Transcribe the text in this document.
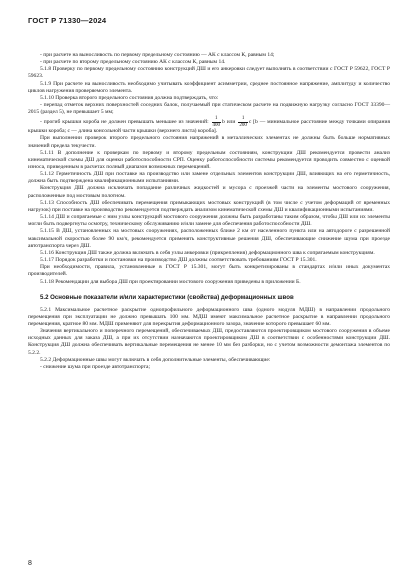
ГОСТ Р 71330—2024

- при расчете на выносливость по первому предельному состоянию — АК с классом К, равным 14;

- при расчете по второму предельному состоянию АК с классом К, равным 14.

5.1.8 Проверку по первому предельному состоянию конструкций ДШ и его анкеровки следует выполнять в соответствии с ГОСТ Р 59622, ГОСТ Р 59623.

5.1.9 При расчете на выносливость необходимо учитывать коэффициент асимметрии, среднее постоянное напряжение, амплитуду и количество циклов нагружения проверяемого элемента.

5.1.10 Проверка второго предельного состояния должна подтверждать, что:

- перепад отметок верхних поверхностей соседних балок, получаемый при статическом расчете на подвижную нагрузку согласно ГОСТ 33390—2015 (раздел 5), не превышает 5 мм;

- прогиб крышки короба не должен превышать меньшее из значений: $\frac{1}{400}$ b или $\frac{1}{200}$ c [b — минимальное расстояние между точками опирания крышки короба; c — длина консольной части крышки (верхнего листа) короба].

При выполнении проверок второго предельного состояния напряжений в металлических элементах не должны быть больше нормативных значений предела текучести.

5.1.11 В дополнение к проверкам по первому и второму предельным состояниям, конструкции ДШ рекомендуется провести анализ кинематической схемы ДШ для оценки работоспособности СРП. Оценку работоспособности системы рекомендуется проводить совместно с оценкой износа, приведенным в расчетах полный диапазон возможных перемещений.

5.1.12 Герметичность ДШ при поставке на производство или замене отдельных элементов конструкции ДШ, влияющих на его герметичность, должна быть подтверждена квалификационными испытаниями.

Конструкция ДШ должна исключать попадание различных жидкостей и мусора с проезжей части на элементы мостового сооружения, расположенные под мостовым полотном.

5.1.13 Способность ДШ обеспечивать перемещения примыкающих мостовых конструкций (в том числе с учетом деформаций от временных нагрузок) при поставке на производство рекомендуется подтверждать анализом кинематической схемы ДШ и квалификационными испытаниями.

5.1.14 ДШ и сопрягаемые с ним узлы конструкций мостового сооружения должны быть разработаны таким образом, чтобы ДШ или их элементы могли быть подвергнуты осмотру, техническому обслуживанию и/или замене для обеспечения работоспособности ДШ.

5.1.15 В ДШ, установленных на мостовых сооружениях, расположенных ближе 2 км от населенного пункта или на автодороге с разрешенной максимальной скоростью более 90 км/ч, рекомендуется применять конструктивные решения ДШ, обеспечивающие снижение шума при проезде автотранспорта через ДШ.

5.1.16 Конструкция ДШ также должна включать в себя узлы анкеровки (прикрепления) деформационного шва к сопрягаемым конструкциям.

5.1.17 Порядок разработки и постановки на производство ДШ должны соответствовать требованиям ГОСТ Р 15.301.

При необходимости, правила, установленные в ГОСТ Р 15.301, могут быть конкретизированы в стандартах и/или иных документах производителей.

5.1.18 Рекомендации для выбора ДШ при проектировании мостового сооружения приведены в приложении Б.

5.2 Основные показатели и/или характеристики (свойства) деформационных швов

5.2.1 Максимальное расчетное раскрытие однопрофильного деформационного шва (одного модуля МДШ) в направлении продольного перемещения при эксплуатации не должно превышать 100 мм. МДШ имеют максимальное расчетное раскрытие в направлении продольного перемещения, кратное 80 мм. МДШ применяют для перекрытия деформационного зазора, значение которого превышает 60 мм.

Значения вертикального и поперечного перемещений, обеспечиваемых ДШ, предоставляются проектировщиком мостового сооружения в объеме исходных данных для заказа ДШ, а при их отсутствии назначаются проектировщиком ДШ в соответствии с особенностями конструкции ДШ. Конструкция ДШ должна обеспечивать вертикальные перемещения не менее 10 мм без разборки, но с учетом возможности демонтажа элементов по 5.2.2.

5.2.2 Деформационные швы могут включать в себя дополнительные элементы, обеспечивающие:

- снижение шума при проезде автотранспорта;

8
